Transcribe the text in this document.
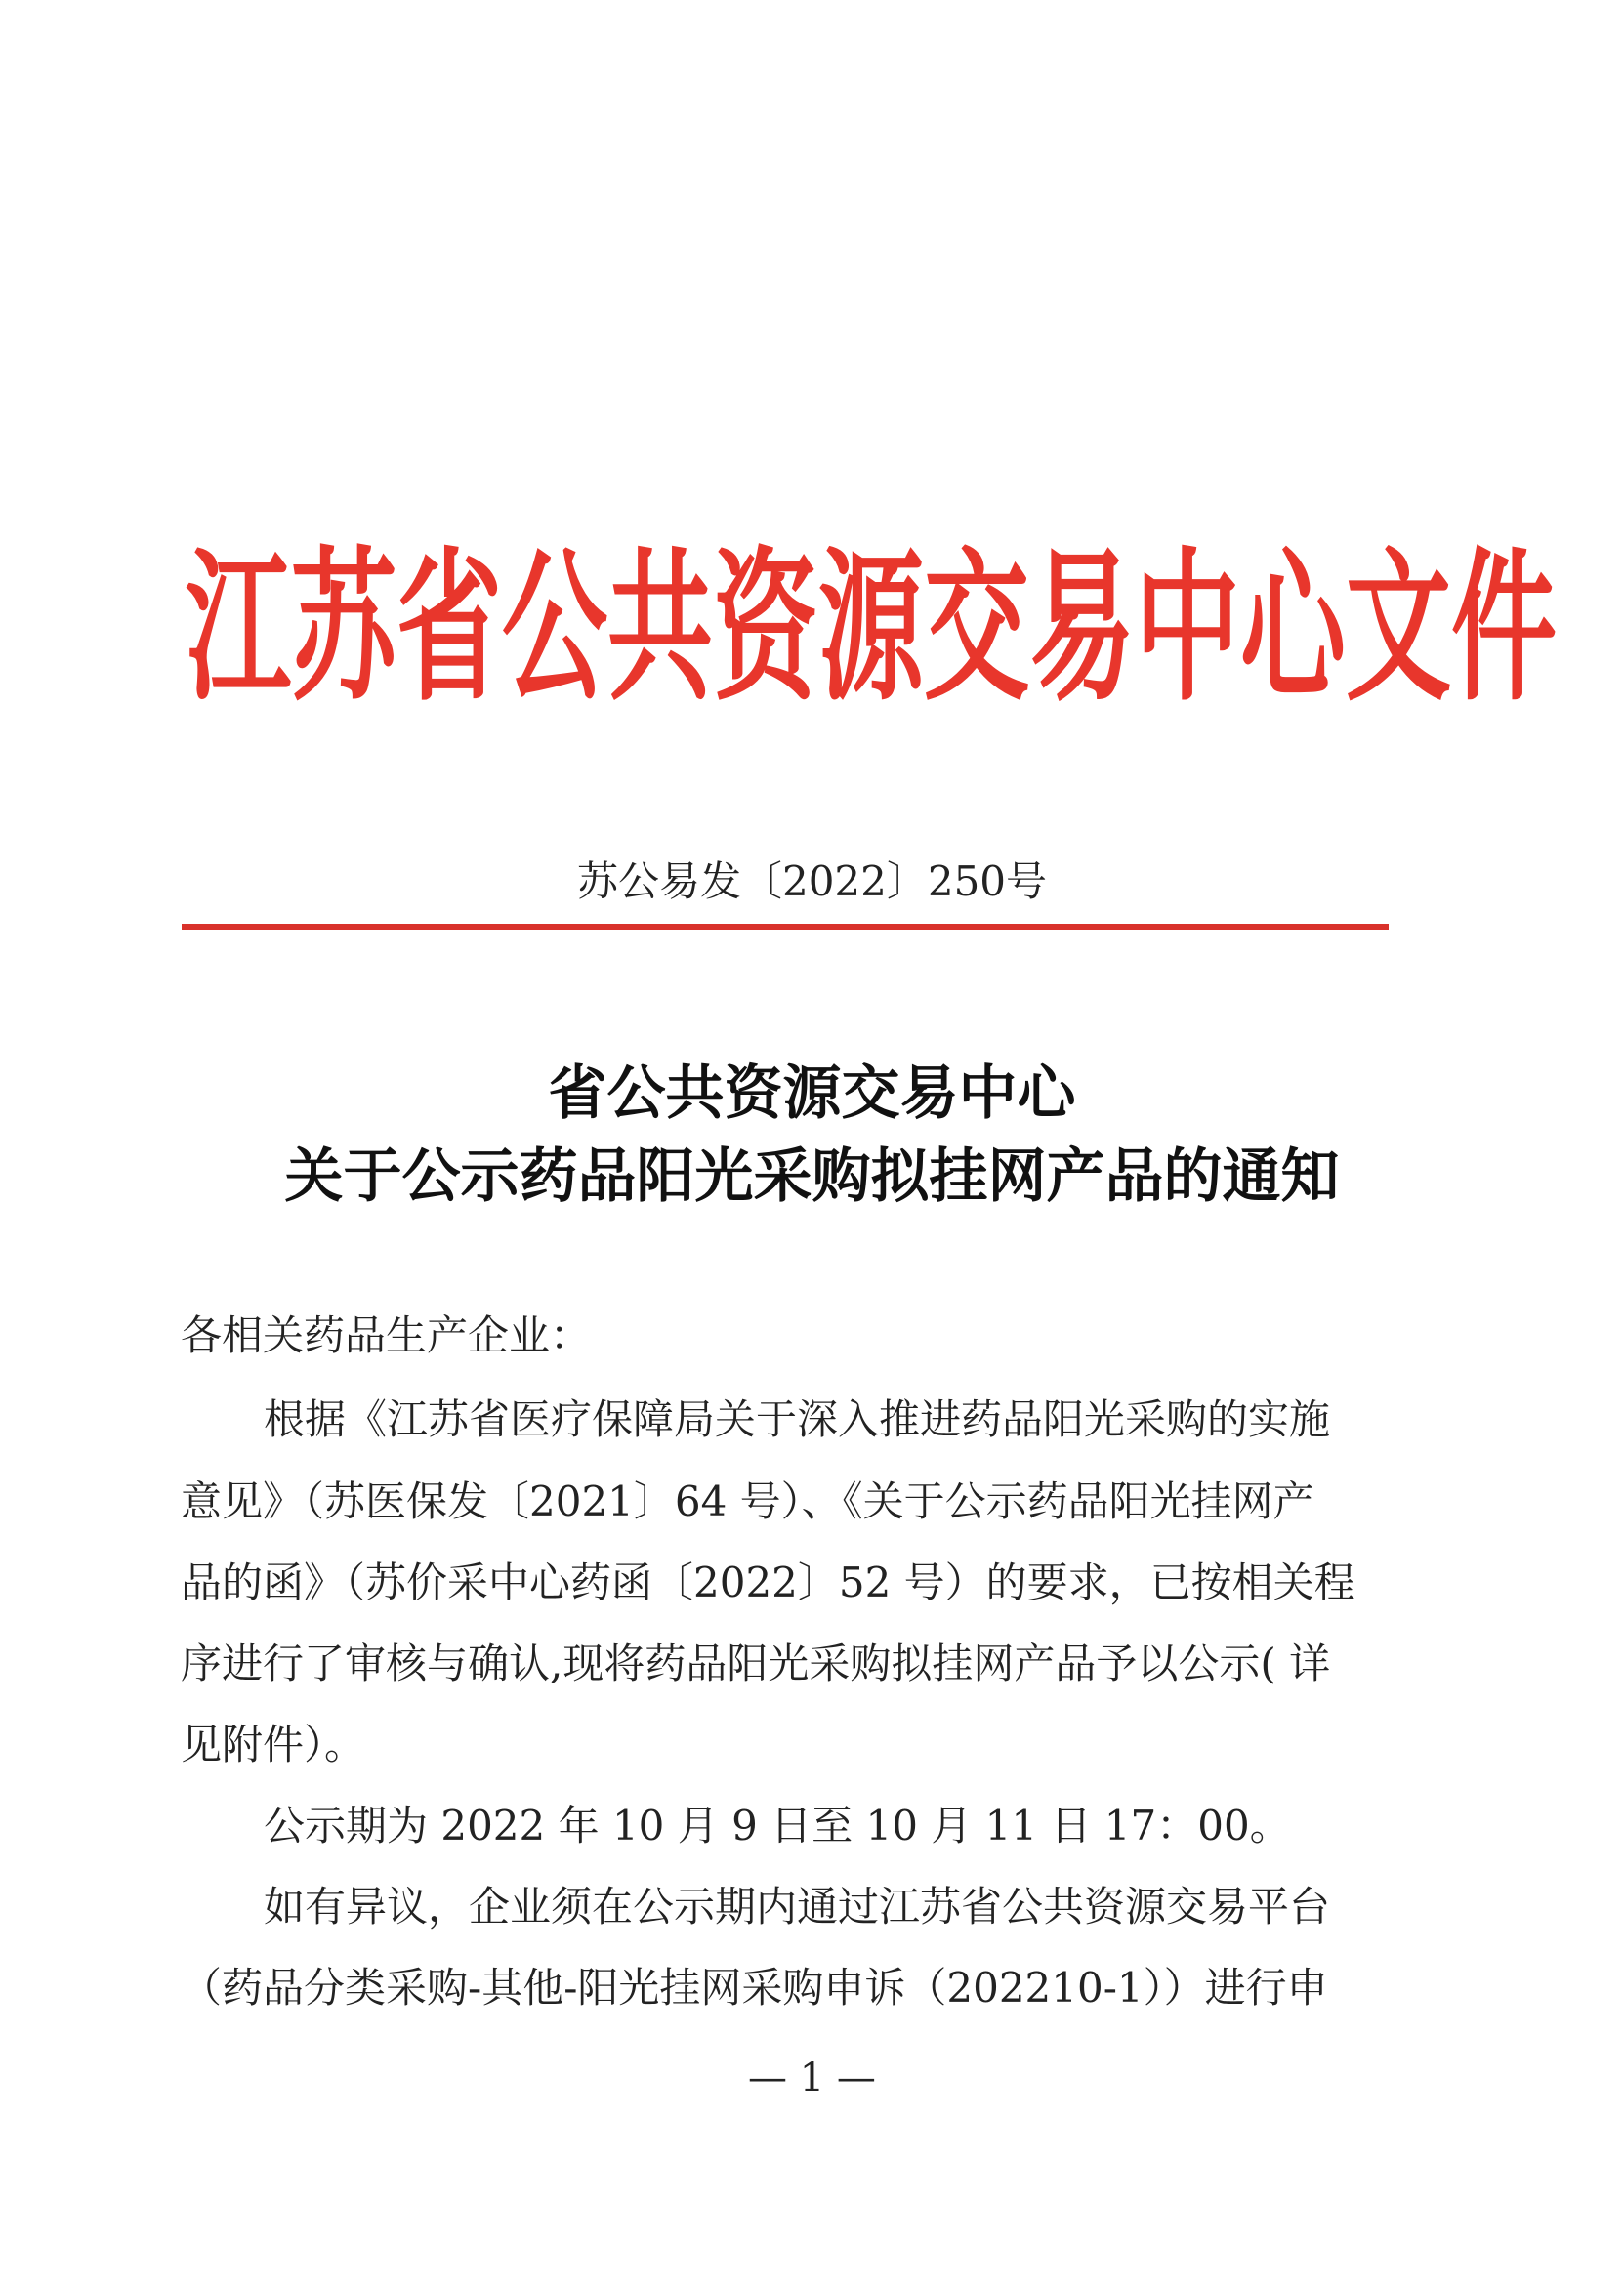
江苏省公共资源交易中心文件
苏公易发〔2022〕250号
省公共资源交易中心
关于公示药品阳光采购拟挂网产品的通知

各相关药品生产企业：

根据《江苏省医疗保障局关于深入推进药品阳光采购的实施

意见》（苏医保发〔2021〕64 号）、《关于公示药品阳光挂网产

品的函》（苏价采中心药函〔2022〕52 号）的要求，已按相关程

序进行了审核与确认,现将药品阳光采购拟挂网产品予以公示( 详

见附件）。

公示期为 2022 年 10 月 9 日至 10 月 11 日 17：00。

如有异议，企业须在公示期内通过江苏省公共资源交易平台

（药品分类采购-其他-阳光挂网采购申诉（202210-1））进行申

— 1 —
